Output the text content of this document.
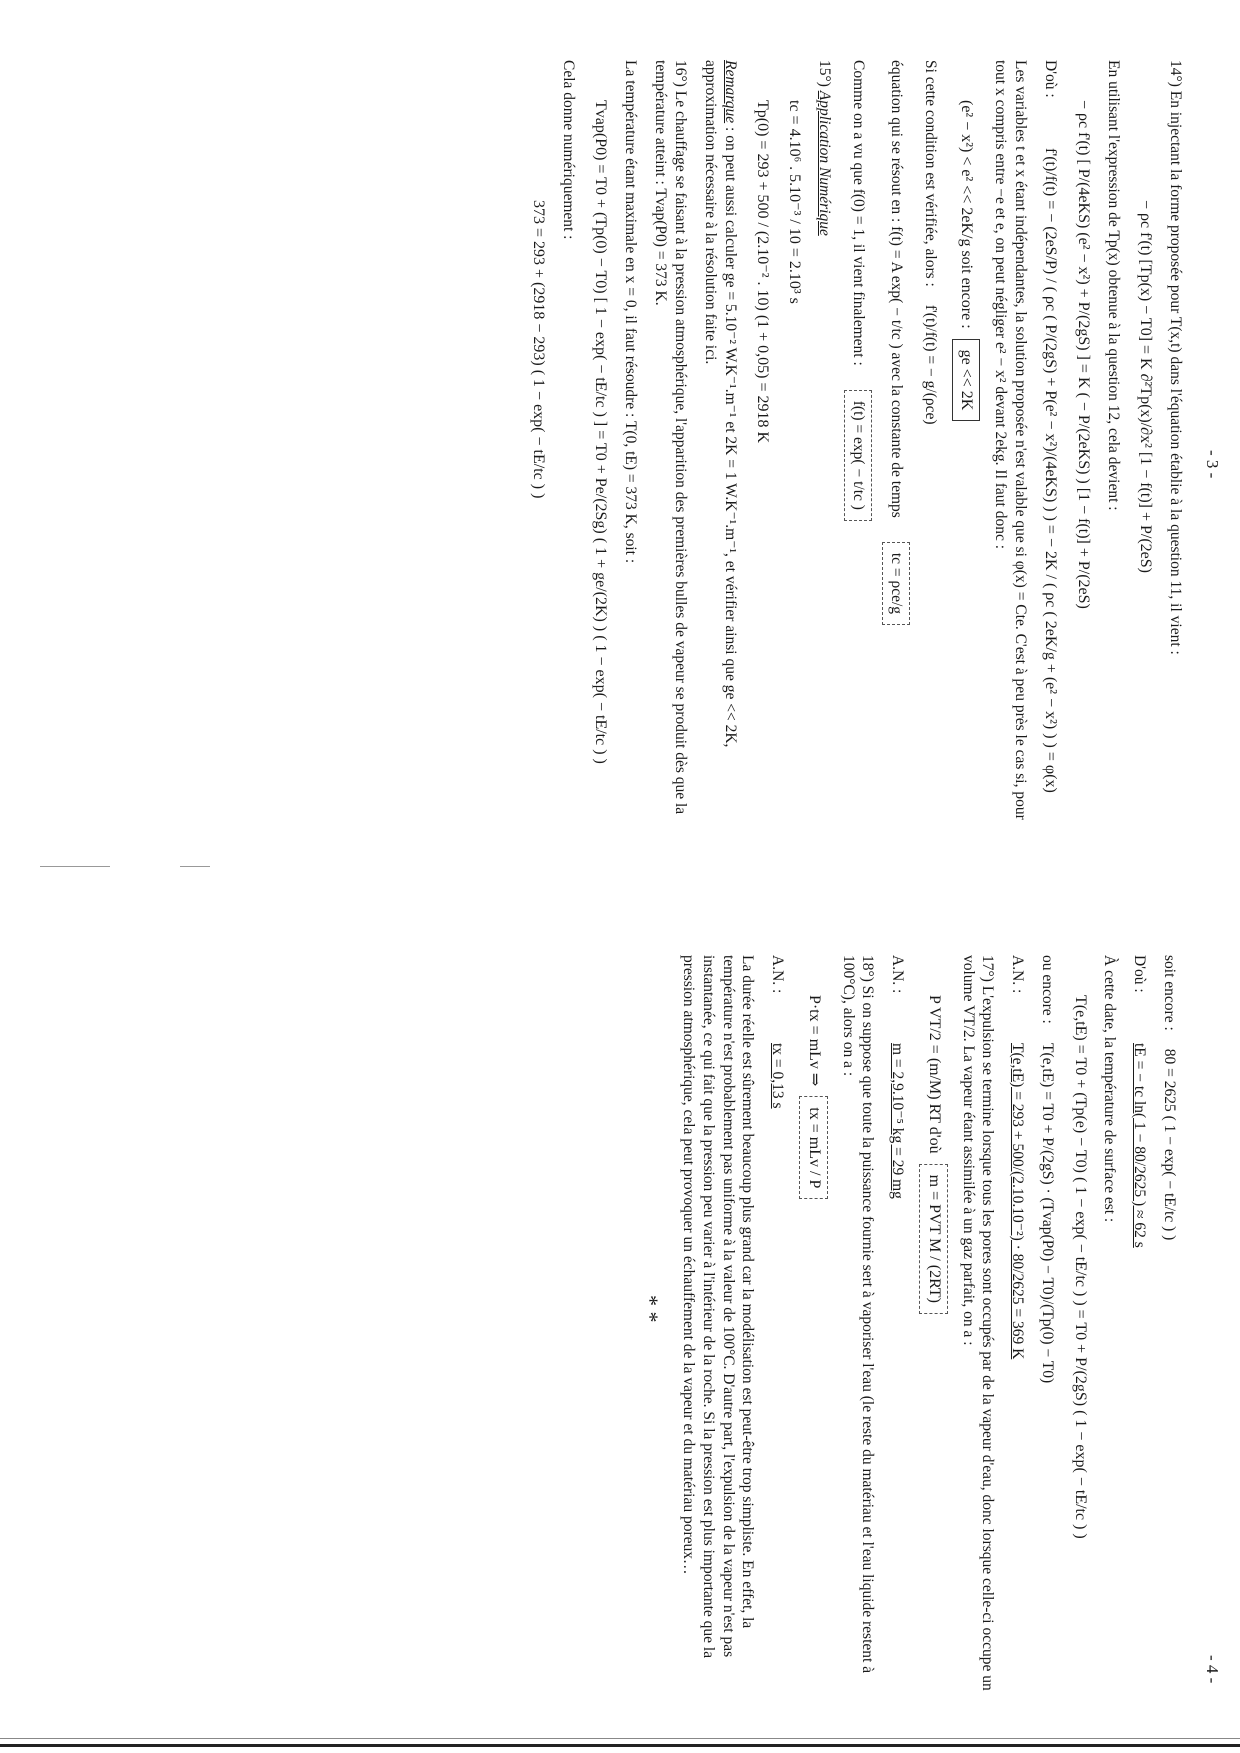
- 3 -

14°) En injectant la forme proposée pour T(x,t) dans l'équation établie à la question 11, il vient :

− ρc f'(t) [Tp(x) − T0] = K ∂²Tp(x)/∂x² [1 − f(t)] + P/(2eS)

En utilisant l'expression de Tp(x) obtenue à la question 12, cela devient :

− ρc f'(t) [ P/(4eKS) (e² − x²) + P/(2gS) ] = K ( − P/(2eKS) ) [1 − f(t)] + P/(2eS)
D'où :
f'(t)/f(t) = − (2eS/P) / ( ρc ( P/(2gS) + P(e² − x²)/(4eKS) ) ) = − 2K / ( ρc ( 2eK/g + (e² − x²) ) ) = φ(x)

Les variables t et x étant indépendantes, la solution proposée n'est valable que si φ(x) = Cte. C'est à peu près le cas si, pour tout x compris entre −e et e, on peut négliger e² − x² devant 2ekg. Il faut donc :

(e² − x²) < e² << 2eK/g soit encore : ge << 2K
Si cette condition est vérifiée, alors :
f'(t)/f(t) = − g/(ρce)
équation qui se résout en : f(t) = A exp( − t/tc ) avec la constante de temps
tc = ρce/g
Comme on a vu que f(0) = 1, il vient finalement :
f(t) = exp( − t/tc )

15°) Application Numérique

tc = 4.10⁶ . 5.10⁻³ / 10 = 2.10³ s
Tp(0) = 293 + 500 / (2.10⁻² . 10) (1 + 0,05) = 2918 K

Remarque : on peut aussi calculer ge = 5.10⁻² W.K⁻¹.m⁻¹ et 2K = 1 W.K⁻¹.m⁻¹, et vérifier ainsi que ge << 2K, approximation nécessaire à la résolution faite ici.

16°) Le chauffage se faisant à la pression atmosphérique, l'apparition des premières bulles de vapeur se produit dès que la température atteint : Tvap(P0) = 373 K.

La température étant maximale en x = 0, il faut résoudre : T(0, tE) = 373 K, soit :

Tvap(P0) = T0 + (Tp(0) − T0) [ 1 − exp( − tE/tc ) ] = T0 + Pe/(2Sg) ( 1 + ge/(2K) ) ( 1 − exp( − tE/tc ) )

Cela donne numériquement :

373 = 293 + (2918 − 293) ( 1 − exp( − tE/tc ) )
- 4 -
soit encore :
80 = 2625 ( 1 − exp( − tE/tc ) )
D'où :
tE = − tc ln( 1 − 80/2625 ) ≈ 62 s

À cette date, la température de surface est :

T(e,tE) = T0 + (Tp(e) − T0) ( 1 − exp( − tE/tc ) ) = T0 + P/(2gS) ( 1 − exp( − tE/tc ) )
ou encore :
T(e,tE) = T0 + P/(2gS) · (Tvap(P0) − T0)/(Tp(0) − T0)
A.N. :
T(e,tE) = 293 + 500/(2.10.10⁻²) · 80/2625 = 369 K

17°) L'expulsion se termine lorsque tous les pores sont occupés par de la vapeur d'eau, donc lorsque celle-ci occupe un volume VT/2. La vapeur étant assimilée à un gaz parfait, on a :

P VT/2 = (m/M) RT d'où m = PVT M / (2RT)
A.N. :
m = 2,9.10⁻⁵ kg = 29 mg

18°) Si on suppose que toute la puissance fournie sert à vaporiser l'eau (le reste du matériau et l'eau liquide restent à 100°C), alors on a :

P·tx = mLv ⇒ tx = mLv / P
A.N. :
tx = 0,13 s

La durée réelle est sûrement beaucoup plus grand car la modélisation est peut-être trop simpliste. En effet, la température n'est probablement pas uniforme à la valeur de 100°C. D'autre part, l'expulsion de la vapeur n'est pas instantanée, ce qui fait que la pression peu varier à l'intérieur de la roche. Si la pression est plus importante que la pression atmosphérique, cela peut provoquer un échauffement de la vapeur et du matériau poreux…

* *
